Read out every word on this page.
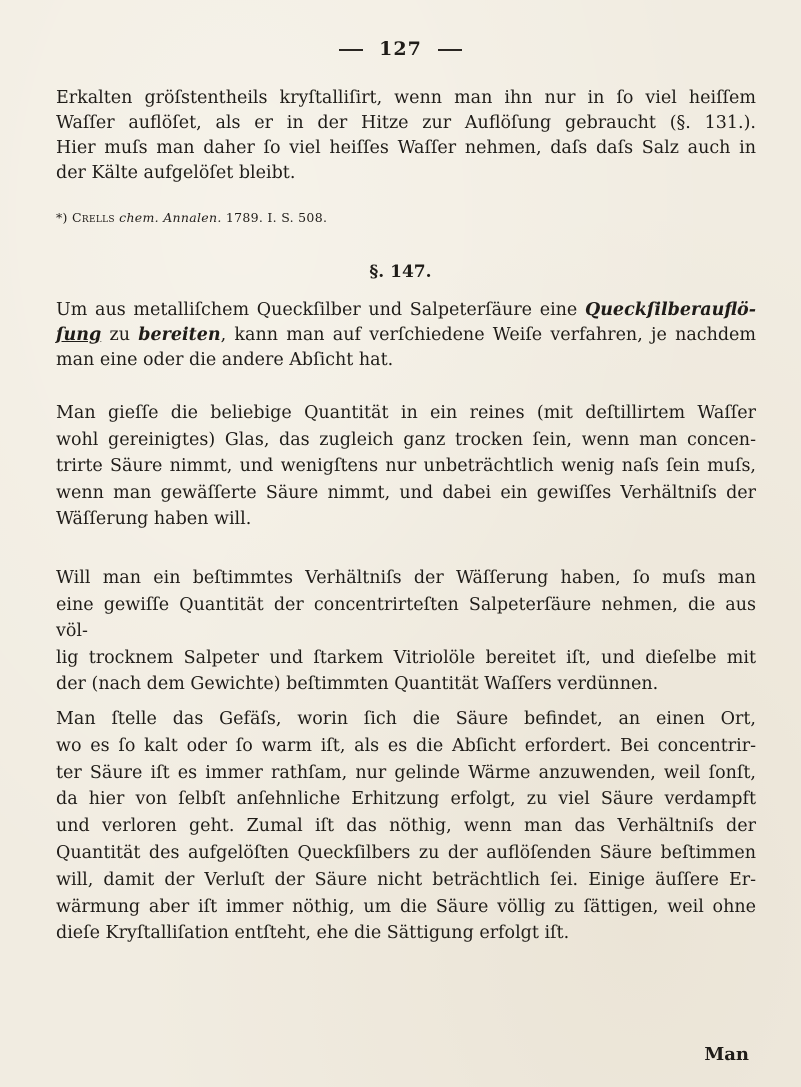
127
Erkalten gröſstentheils kryſtalliſirt, wenn man ihn nur in ſo viel heiſſem
Waſſer auflöſet, als er in der Hitze zur Auflöſung gebraucht (§. 131.).
Hier muſs man daher ſo viel heiſſes Waſſer nehmen, daſs daſs Salz auch in
der Kälte aufgelöſet bleibt.
*) Crells chem. Annalen. 1789. I. S. 508.
§. 147.
Um aus metalliſchem Queckſilber und Salpeterſäure eine Queckſilberauflö-
ſung zu bereiten, kann man auf verſchiedene Weiſe verfahren, je nachdem
man eine oder die andere Abſicht hat.
Man gieſſe die beliebige Quantität in ein reines (mit deſtillirtem Waſſer
wohl gereinigtes) Glas, das zugleich ganz trocken ſein, wenn man concen-
trirte Säure nimmt, und wenigſtens nur unbeträchtlich wenig naſs ſein muſs,
wenn man gewäſſerte Säure nimmt, und dabei ein gewiſſes Verhältniſs der
Wäſſerung haben will.
Will man ein beſtimmtes Verhältniſs der Wäſſerung haben, ſo muſs man
eine gewiſſe Quantität der concentrirteſten Salpeterſäure nehmen, die aus völ-
lig trocknem Salpeter und ſtarkem Vitriolöle bereitet iſt, und dieſelbe mit
der (nach dem Gewichte) beſtimmten Quantität Waſſers verdünnen.
Man ſtelle das Gefäſs, worin ſich die Säure befindet, an einen Ort,
wo es ſo kalt oder ſo warm iſt, als es die Abſicht erfordert. Bei concentrir-
ter Säure iſt es immer rathſam, nur gelinde Wärme anzuwenden, weil ſonſt,
da hier von ſelbſt anſehnliche Erhitzung erfolgt, zu viel Säure verdampft
und verloren geht. Zumal iſt das nöthig, wenn man das Verhältniſs der
Quantität des aufgelöſten Queckſilbers zu der auflöſenden Säure beſtimmen
will, damit der Verluſt der Säure nicht beträchtlich ſei. Einige äuſſere Er-
wärmung aber iſt immer nöthig, um die Säure völlig zu ſättigen, weil ohne
dieſe Kryſtalliſation entſteht, ehe die Sättigung erfolgt iſt.
Man
